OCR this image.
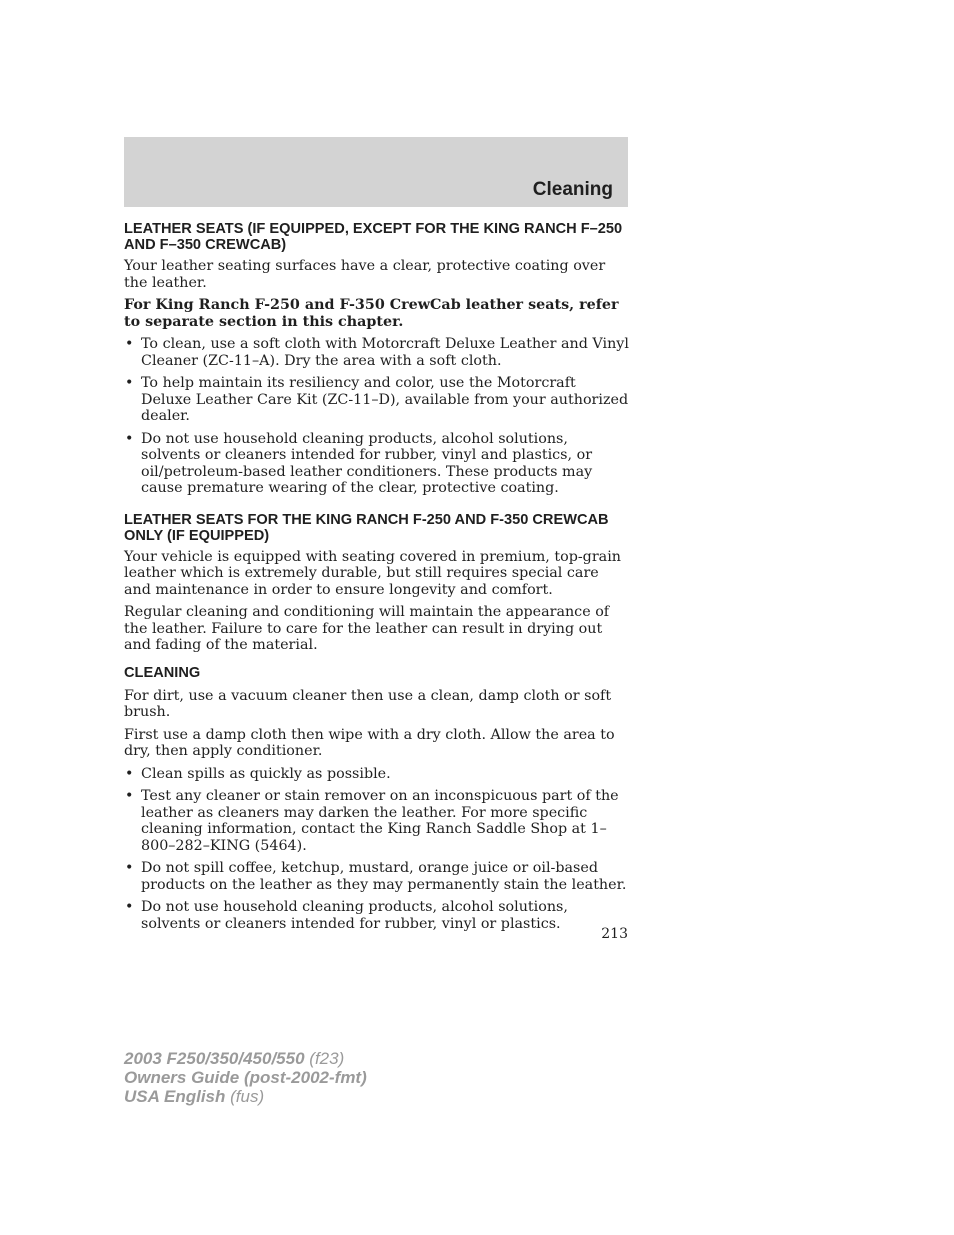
Cleaning
LEATHER SEATS (IF EQUIPPED, EXCEPT FOR THE KING RANCH F–250 AND F–350 CREWCAB)

Your leather seating surfaces have a clear, protective coating over the leather.

For King Ranch F-250 and F-350 CrewCab leather seats, refer to separate section in this chapter.

• To clean, use a soft cloth with Motorcraft Deluxe Leather and Vinyl Cleaner (ZC-11–A). Dry the area with a soft cloth.
• To help maintain its resiliency and color, use the Motorcraft Deluxe Leather Care Kit (ZC-11–D), available from your authorized dealer.
• Do not use household cleaning products, alcohol solutions, solvents or cleaners intended for rubber, vinyl and plastics, or oil/petroleum-based leather conditioners. These products may cause premature wearing of the clear, protective coating.
LEATHER SEATS FOR THE KING RANCH F-250 AND F-350 CREWCAB ONLY (IF EQUIPPED)

Your vehicle is equipped with seating covered in premium, top-grain leather which is extremely durable, but still requires special care and maintenance in order to ensure longevity and comfort.

Regular cleaning and conditioning will maintain the appearance of the leather. Failure to care for the leather can result in drying out and fading of the material.

CLEANING

For dirt, use a vacuum cleaner then use a clean, damp cloth or soft brush.

First use a damp cloth then wipe with a dry cloth. Allow the area to dry, then apply conditioner.

• Clean spills as quickly as possible.
• Test any cleaner or stain remover on an inconspicuous part of the leather as cleaners may darken the leather. For more specific cleaning information, contact the King Ranch Saddle Shop at 1–800–282–KING (5464).
• Do not spill coffee, ketchup, mustard, orange juice or oil-based products on the leather as they may permanently stain the leather.
• Do not use household cleaning products, alcohol solutions, solvents or cleaners intended for rubber, vinyl or plastics.
213
2003 F250/350/450/550 (f23)
Owners Guide (post-2002-fmt)
USA English (fus)
